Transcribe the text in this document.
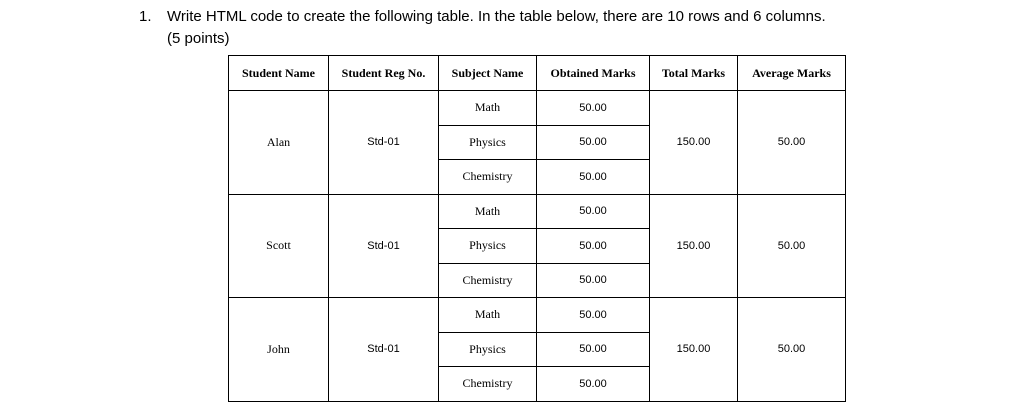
1. Write HTML code to create the following table. In the table below, there are 10 rows and 6 columns.
(5 points)
Student Name	Student Reg No.	Subject Name	Obtained Marks	Total Marks	Average Marks
Alan	Std-01	Math	50.00	150.00	50.00
		Physics	50.00		
		Chemistry	50.00		
Scott	Std-01	Math	50.00	150.00	50.00
		Physics	50.00		
		Chemistry	50.00		
John	Std-01	Math	50.00	150.00	50.00
		Physics	50.00		
		Chemistry	50.00		
